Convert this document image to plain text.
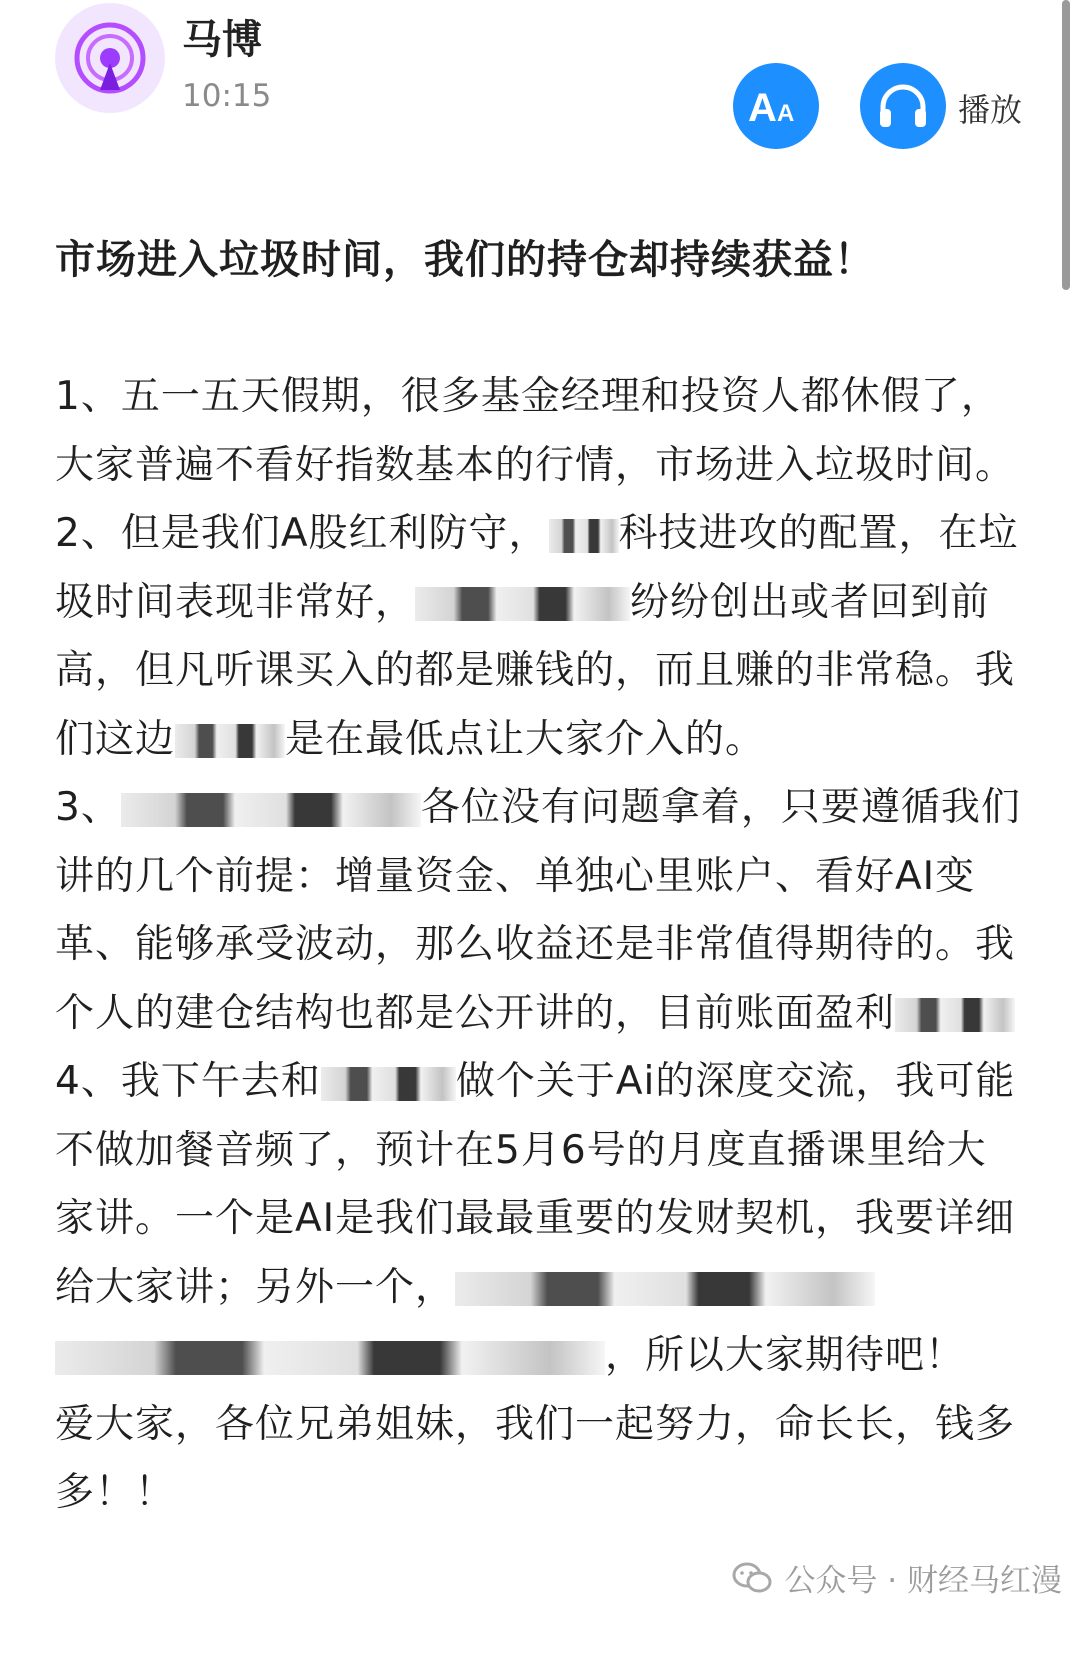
马博
10:15	A A	播放
市场进入垃圾时间，我们的持仓却持续获益！
1、五一五天假期，很多基金经理和投资人都休假了，大家普遍不看好指数基本的行情，市场进入垃圾时间。
2、但是我们A股红利防守， 科技进攻的配置，在垃圾时间表现非常好，	纷纷创出或者回到前高，但凡听课买入的都是赚钱的，而且赚的非常稳。我们这边	是在最低点让大家介入的。
3、	各位没有问题拿着，只要遵循我们讲的几个前提：增量资金、单独心里账户、看好AI变革、能够承受波动，那么收益还是非常值得期待的。我个人的建仓结构也都是公开讲的，目前账面盈利
4、我下午去和	做个关于Ai的深度交流，我可能不做加餐音频了，预计在5月6号的月度直播课里给大家讲。一个是AI是我们最最重要的发财契机，我要详细给大家讲；另外一个，，所以大家期待吧！
爱大家，各位兄弟姐妹，我们一起努力，命长长，钱多多！！
公众号 · 财经马红漫
